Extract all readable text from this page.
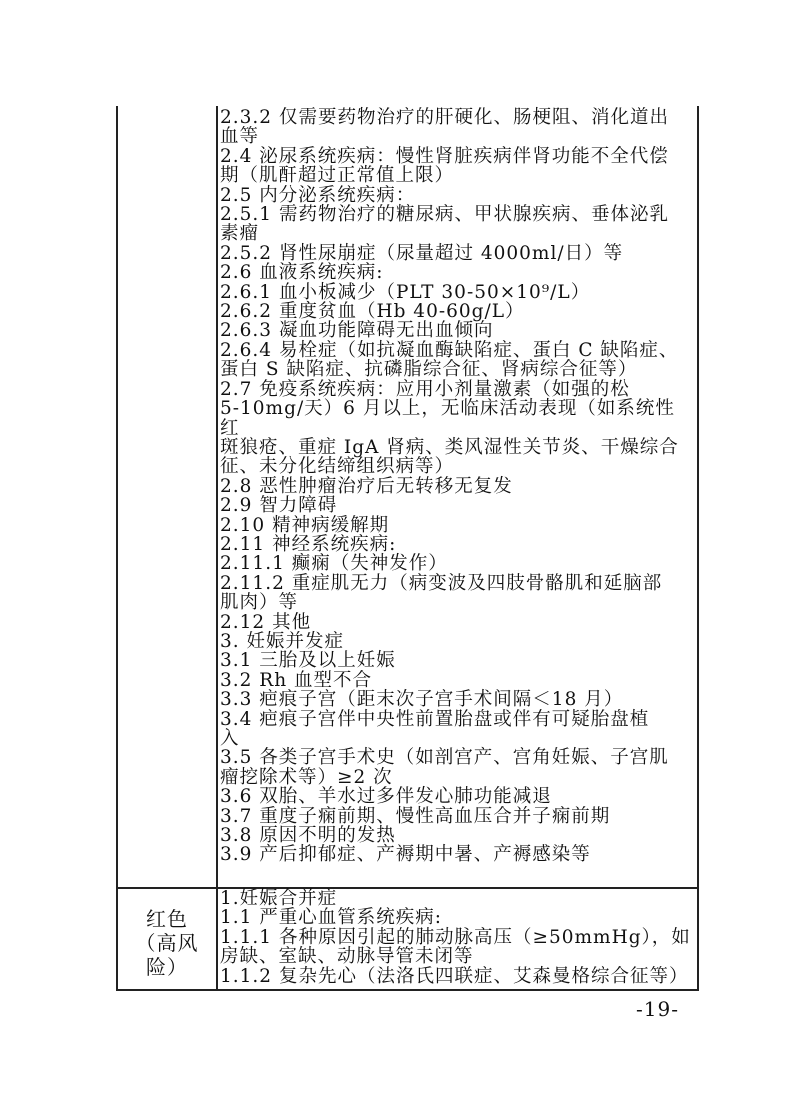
2.3.2 仅需要药物治疗的肝硬化、肠梗阻、消化道出
血等
2.4 泌尿系统疾病：慢性肾脏疾病伴肾功能不全代偿
期（肌酐超过正常值上限）
2.5 内分泌系统疾病：
2.5.1 需药物治疗的糖尿病、甲状腺疾病、垂体泌乳
素瘤
2.5.2 肾性尿崩症（尿量超过 4000ml/日）等
2.6 血液系统疾病:
2.6.1 血小板减少（PLT 30-50×10⁹/L）
2.6.2 重度贫血（Hb 40-60g/L）
2.6.3 凝血功能障碍无出血倾向
2.6.4 易栓症（如抗凝血酶缺陷症、蛋白 C 缺陷症、
蛋白 S 缺陷症、抗磷脂综合征、肾病综合征等）
2.7 免疫系统疾病：应用小剂量激素（如强的松
5-10mg/天）6 月以上，无临床活动表现（如系统性红
斑狼疮、重症 IgA 肾病、类风湿性关节炎、干燥综合
征、未分化结缔组织病等）
2.8 恶性肿瘤治疗后无转移无复发
2.9 智力障碍
2.10 精神病缓解期
2.11 神经系统疾病:
2.11.1 癫痫（失神发作）
2.11.2 重症肌无力（病变波及四肢骨骼肌和延脑部
肌肉）等
2.12 其他
3. 妊娠并发症
3.1 三胎及以上妊娠
3.2 Rh 血型不合
3.3 疤痕子宫（距末次子宫手术间隔＜18 月）
3.4 疤痕子宫伴中央性前置胎盘或伴有可疑胎盘植
入
3.5 各类子宫手术史（如剖宫产、宫角妊娠、子宫肌
瘤挖除术等）≥2 次
3.6 双胎、羊水过多伴发心肺功能减退
3.7 重度子痫前期、慢性高血压合并子痫前期
3.8 原因不明的发热
3.9 产后抑郁症、产褥期中暑、产褥感染等
红色
（高风
险）
1.妊娠合并症
1.1 严重心血管系统疾病:
1.1.1 各种原因引起的肺动脉高压（≥50mmHg），如
房缺、室缺、动脉导管未闭等
1.1.2 复杂先心（法洛氏四联症、艾森曼格综合征等）
-19-
